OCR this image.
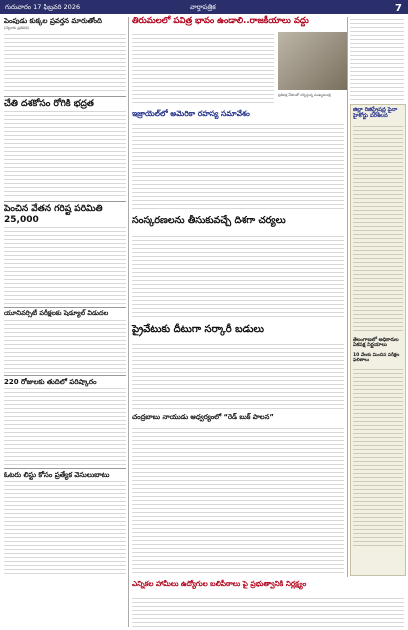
గురువారం 17 ఫిబ్రవరి 2026	వార్తాపత్రిక	7
పెంపుడు కుక్కల ప్రవర్తన మారుతోంది
(నెల్లూరు ప్రతినిధి)
చేతి దశకోసం రోగికి భద్రత
పెంచిన వేతన గరిష్ట పరిమితి 25,000
యూనివర్సిటీ పరీక్షలకు షెడ్యూల్ విడుదల
220 రోజులకు తుదిలో పరిష్కారం
ఓటరు లిస్టు కోసం ప్రత్యేక వెసులుబాటు
తిరుమలలో పవిత్ర భావం ఉండాలి..రాజకీయాలు వద్దు
ప్రతిపక్ష నేతలతో చర్చిస్తున్న ముఖ్యమంత్రి
ఇజ్రాయెల్‌లో అమెరికా రహస్య సమావేశం
సంస్కరణలను తీసుకువచ్చే దిశగా చర్యలు
ప్రైవేటుకు దీటుగా సర్కారీ బడులు
చంద్రబాబు నాయుడు ఆధ్వర్యంలో “రెడ్ బుక్ పాలన”
జిల్లా రిజిస్ట్రేషన్ల పైనా హైకోర్టు పరిశీలన
తెలంగాణలో అధికారుల ఏకపక్ష నిర్ణయాలు
10 వేలకు మించిన పరీక్షల ఫలితాలు
ఎన్నికల హామీలు ఉద్యోగుల బలిపీఠాలు పై ప్రభుత్వానికి నిర్లక్ష్యం
